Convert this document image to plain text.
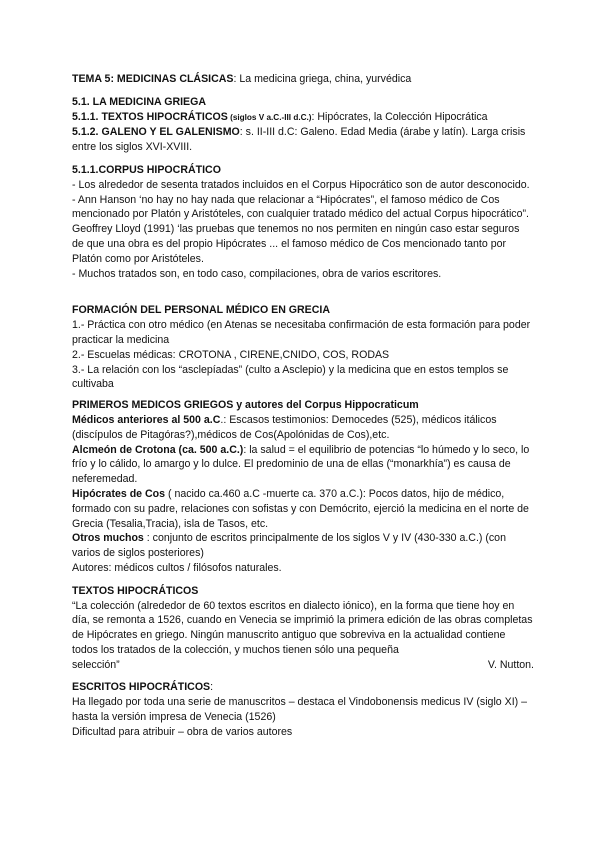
TEMA 5: MEDICINAS CLÁSICAS: La medicina griega, china, yurvédica

5.1. LA MEDICINA GRIEGA

5.1.1. TEXTOS HIPOCRÁTICOS (siglos V a.C.-III d.C.): Hipócrates, la Colección Hipocrática

5.1.2. GALENO Y EL GALENISMO: s. II-III d.C: Galeno. Edad Media (árabe y latín). Larga crisis entre los siglos XVI-XVIII.

5.1.1.CORPUS HIPOCRÁTICO

- Los alrededor de sesenta tratados incluidos en el Corpus Hipocrático son de autor desconocido.

- Ann Hanson ‘no hay no hay nada que relacionar a “Hipócrates”, el famoso médico de Cos mencionado por Platón y Aristóteles, con cualquier tratado médico del actual Corpus hipocrático”.

Geoffrey Lloyd (1991) ‘las pruebas que tenemos no nos permiten en ningún caso estar seguros de que una obra es del propio Hipócrates ... el famoso médico de Cos mencionado tanto por Platón como por Aristóteles.

- Muchos tratados son, en todo caso, compilaciones, obra de varios escritores.

FORMACIÓN DEL PERSONAL MÉDICO EN GRECIA

1.- Práctica con otro médico (en Atenas se necesitaba confirmación de esta formación para poder practicar la medicina

2.- Escuelas médicas: CROTONA , CIRENE,CNIDO, COS, RODAS

3.- La relación con los “asclepíadas” (culto a Asclepio) y la medicina que en estos templos se cultivaba

PRIMEROS MEDICOS GRIEGOS y autores del Corpus Hippocraticum

Médicos anteriores al 500 a.C.: Escasos testimonios: Democedes (525), médicos itálicos (discípulos de Pitagóras?),médicos de Cos(Apolónidas de Cos),etc.

Alcmeón de Crotona (ca. 500 a.C.): la salud = el equilibrio de potencias “lo húmedo y lo seco, lo frío y lo cálido, lo amargo y lo dulce. El predominio de una de ellas (“monarkhía”) es causa de neferemedad.

Hipócrates de Cos ( nacido ca.460 a.C -muerte ca. 370 a.C.): Pocos datos, hijo de médico, formado con su padre, relaciones con sofistas y con Demócrito, ejerció la medicina en el norte de Grecia (Tesalia,Tracia), isla de Tasos, etc.

Otros muchos : conjunto de escritos principalmente de los siglos V y IV (430-330 a.C.) (con varios de siglos posteriores)

Autores: médicos cultos / filósofos naturales.

TEXTOS HIPOCRÁTICOS

“La colección (alrededor de 60 textos escritos en dialecto iónico), en la forma que tiene hoy en día, se remonta a 1526, cuando en Venecia se imprimió la primera edición de las obras completas de Hipócrates en griego. Ningún manuscrito antiguo que sobreviva en la actualidad contiene todos los tratados de la colección, y muchos tienen sólo una pequeña

selección”	V. Nutton.

ESCRITOS HIPOCRÁTICOS:

Ha llegado por toda una serie de manuscritos – destaca el Vindobonensis medicus IV (siglo XI) – hasta la versión impresa de Venecia (1526)

Dificultad para atribuir – obra de varios autores
